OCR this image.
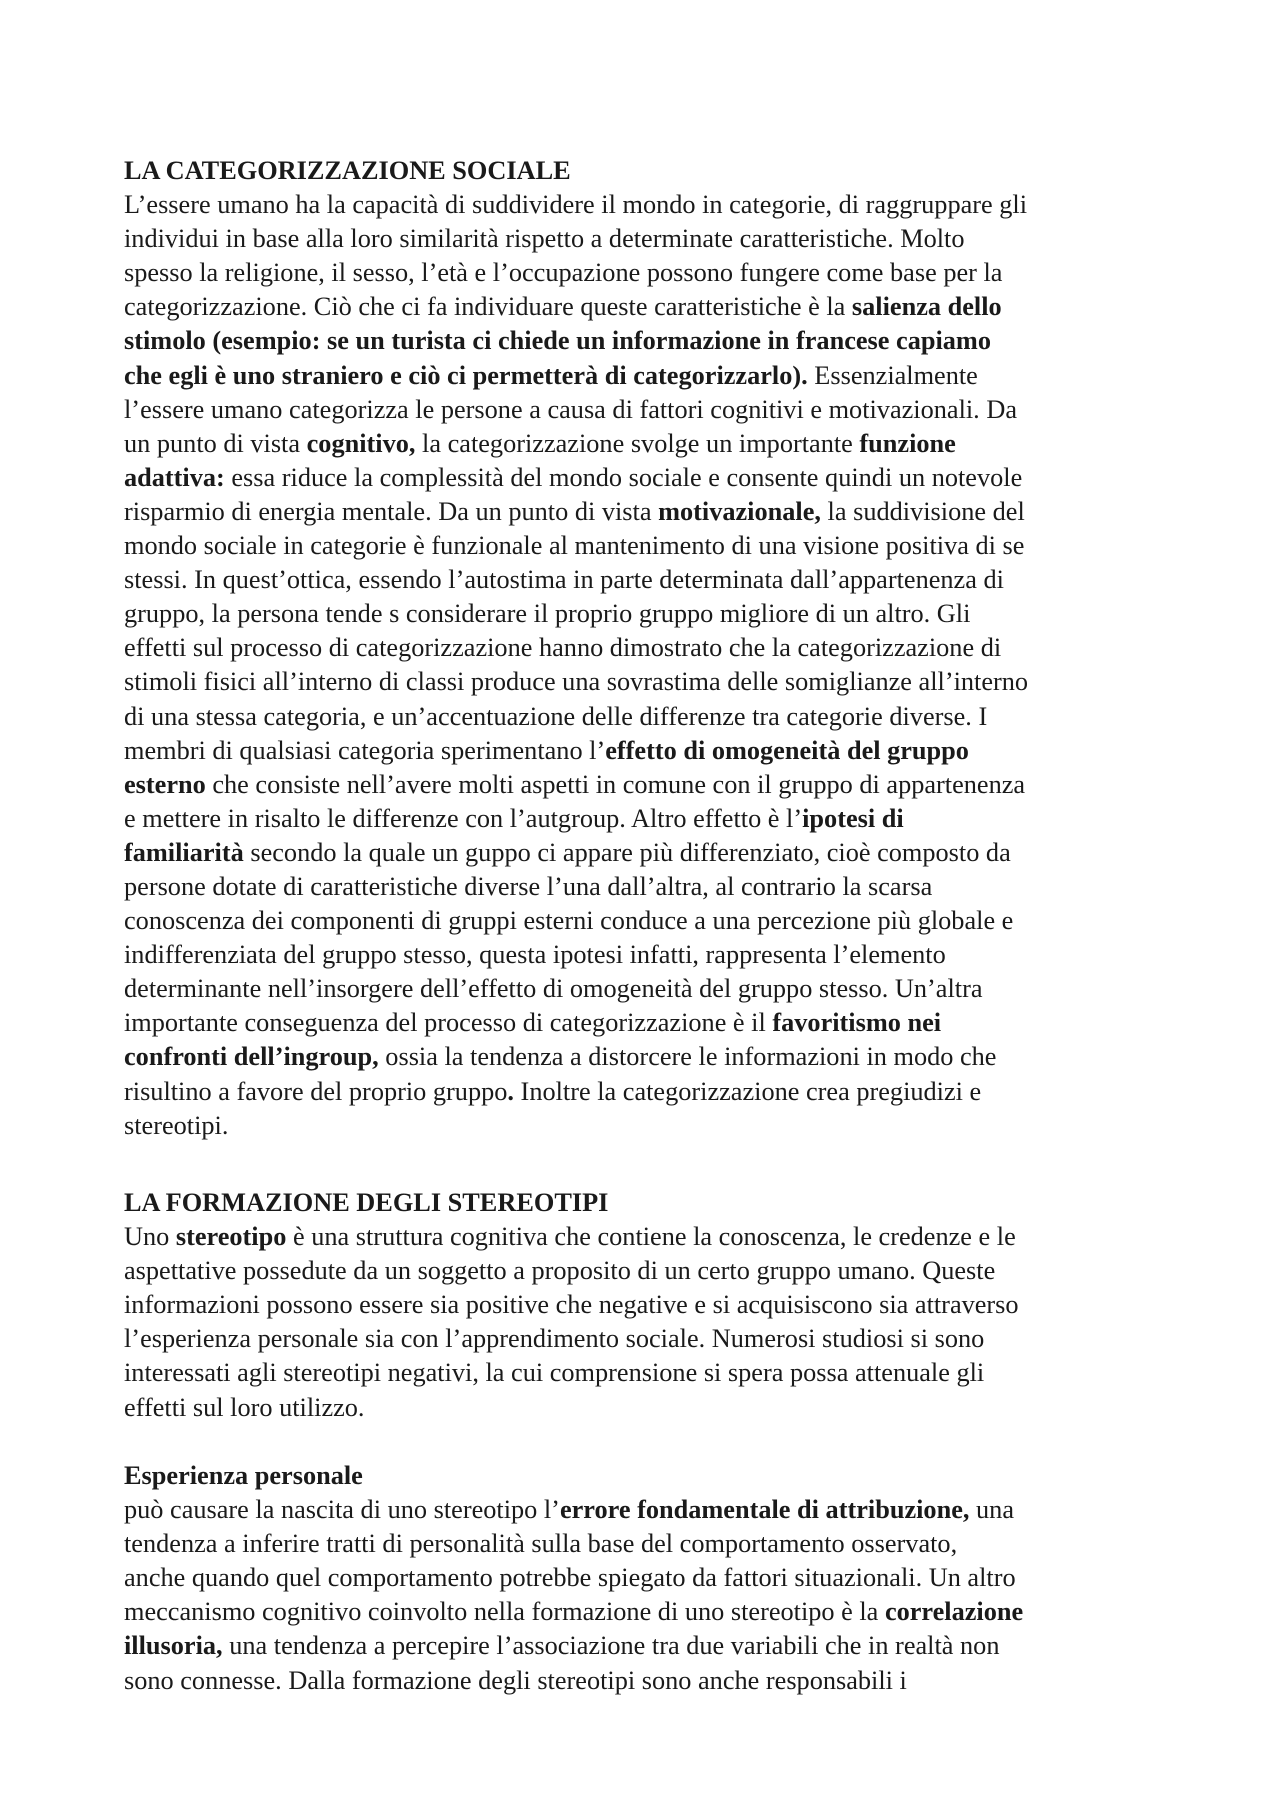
LA CATEGORIZZAZIONE SOCIALE
L’essere umano ha la capacità di suddividere il mondo in categorie, di raggruppare gli
individui in base alla loro similarità rispetto a determinate caratteristiche. Molto
spesso la religione, il sesso, l’età e l’occupazione possono fungere come base per la
categorizzazione. Ciò che ci fa individuare queste caratteristiche è la salienza dello
stimolo (esempio: se un turista ci chiede un informazione in francese capiamo
che egli è uno straniero e ciò ci permetterà di categorizzarlo). Essenzialmente
l’essere umano categorizza le persone a causa di fattori cognitivi e motivazionali. Da
un punto di vista cognitivo, la categorizzazione svolge un importante funzione
adattiva: essa riduce la complessità del mondo sociale e consente quindi un notevole
risparmio di energia mentale. Da un punto di vista motivazionale, la suddivisione del
mondo sociale in categorie è funzionale al mantenimento di una visione positiva di se
stessi. In quest’ottica, essendo l’autostima in parte determinata dall’appartenenza di
gruppo, la persona tende s considerare il proprio gruppo migliore di un altro. Gli
effetti sul processo di categorizzazione hanno dimostrato che la categorizzazione di
stimoli fisici all’interno di classi produce una sovrastima delle somiglianze all’interno
di una stessa categoria, e un’accentuazione delle differenze tra categorie diverse. I
membri di qualsiasi categoria sperimentano l’effetto di omogeneità del gruppo
esterno che consiste nell’avere molti aspetti in comune con il gruppo di appartenenza
e mettere in risalto le differenze con l’autgroup. Altro effetto è l’ipotesi di
familiarità secondo la quale un guppo ci appare più differenziato, cioè composto da
persone dotate di caratteristiche diverse l’una dall’altra, al contrario la scarsa
conoscenza dei componenti di gruppi esterni conduce a una percezione più globale e
indifferenziata del gruppo stesso, questa ipotesi infatti, rappresenta l’elemento
determinante nell’insorgere dell’effetto di omogeneità del gruppo stesso. Un’altra
importante conseguenza del processo di categorizzazione è il favoritismo nei
confronti dell’ingroup, ossia la tendenza a distorcere le informazioni in modo che
risultino a favore del proprio gruppo. Inoltre la categorizzazione crea pregiudizi e
stereotipi.
LA FORMAZIONE DEGLI STEREOTIPI
Uno stereotipo è una struttura cognitiva che contiene la conoscenza, le credenze e le
aspettative possedute da un soggetto a proposito di un certo gruppo umano. Queste
informazioni possono essere sia positive che negative e si acquisiscono sia attraverso
l’esperienza personale sia con l’apprendimento sociale. Numerosi studiosi si sono
interessati agli stereotipi negativi, la cui comprensione si spera possa attenuale gli
effetti sul loro utilizzo.
Esperienza personale
può causare la nascita di uno stereotipo l’errore fondamentale di attribuzione, una
tendenza a inferire tratti di personalità sulla base del comportamento osservato,
anche quando quel comportamento potrebbe spiegato da fattori situazionali. Un altro
meccanismo cognitivo coinvolto nella formazione di uno stereotipo è la correlazione
illusoria, una tendenza a percepire l’associazione tra due variabili che in realtà non
sono connesse. Dalla formazione degli stereotipi sono anche responsabili i
